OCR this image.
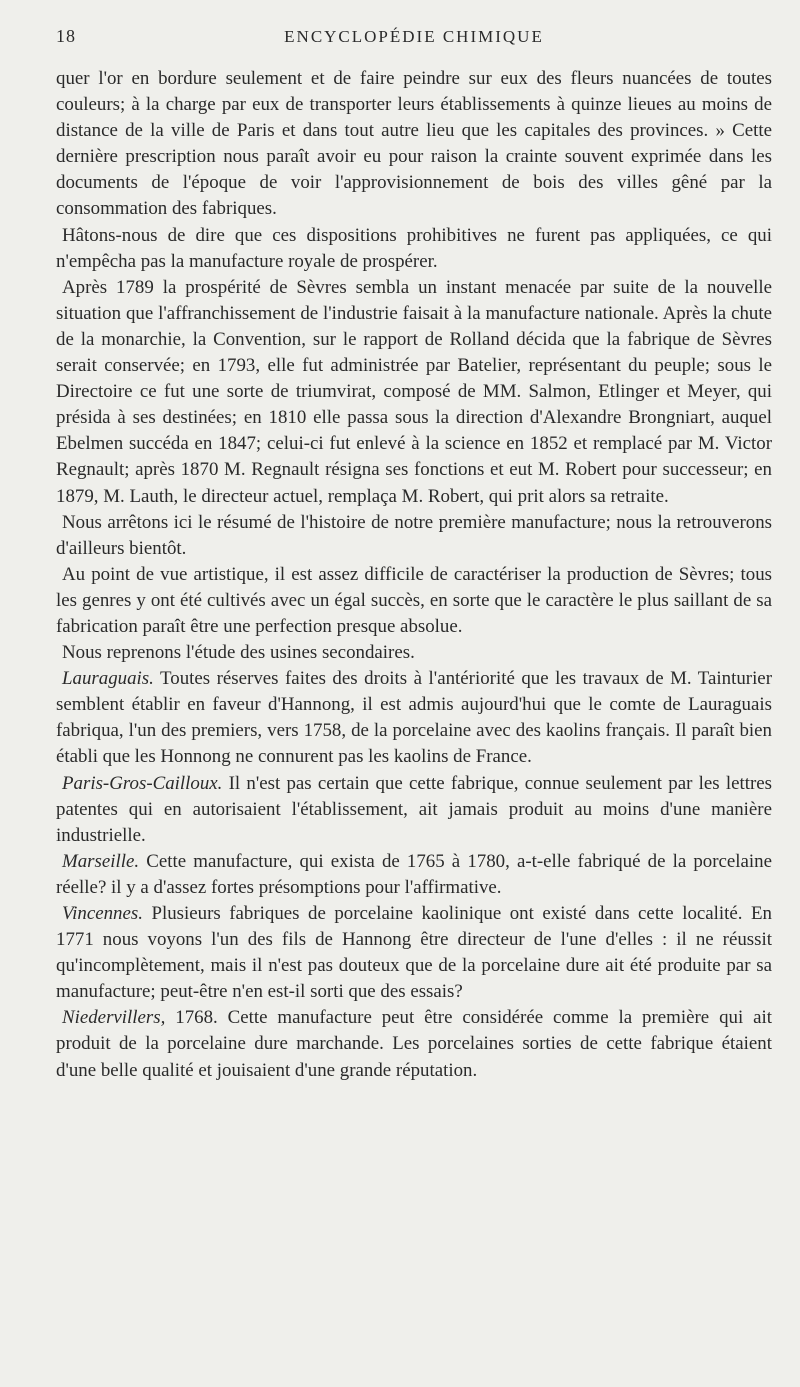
18	ENCYCLOPÉDIE CHIMIQUE

quer l'or en bordure seulement et de faire peindre sur eux des fleurs nuancées de toutes couleurs; à la charge par eux de transporter leurs établissements à quinze lieues au moins de distance de la ville de Paris et dans tout autre lieu que les capitales des provinces. » Cette dernière prescription nous paraît avoir eu pour raison la crainte souvent exprimée dans les documents de l'époque de voir l'approvisionnement de bois des villes gêné par la consommation des fabriques.

Hâtons-nous de dire que ces dispositions prohibitives ne furent pas appliquées, ce qui n'empêcha pas la manufacture royale de prospérer.

Après 1789 la prospérité de Sèvres sembla un instant menacée par suite de la nouvelle situation que l'affranchissement de l'industrie faisait à la manufacture nationale. Après la chute de la monarchie, la Convention, sur le rapport de Rolland décida que la fabrique de Sèvres serait conservée; en 1793, elle fut administrée par Batelier, représentant du peuple; sous le Directoire ce fut une sorte de triumvirat, composé de MM. Salmon, Etlinger et Meyer, qui présida à ses destinées; en 1810 elle passa sous la direction d'Alexandre Brongniart, auquel Ebelmen succéda en 1847; celui-ci fut enlevé à la science en 1852 et remplacé par M. Victor Regnault; après 1870 M. Regnault résigna ses fonctions et eut M. Robert pour successeur; en 1879, M. Lauth, le directeur actuel, remplaça M. Robert, qui prit alors sa retraite.

Nous arrêtons ici le résumé de l'histoire de notre première manufacture; nous la retrouverons d'ailleurs bientôt.

Au point de vue artistique, il est assez difficile de caractériser la production de Sèvres; tous les genres y ont été cultivés avec un égal succès, en sorte que le caractère le plus saillant de sa fabrication paraît être une perfection presque absolue.

Nous reprenons l'étude des usines secondaires.

Lauraguais. Toutes réserves faites des droits à l'antériorité que les travaux de M. Tainturier semblent établir en faveur d'Hannong, il est admis aujourd'hui que le comte de Lauraguais fabriqua, l'un des premiers, vers 1758, de la porcelaine avec des kaolins français. Il paraît bien établi que les Honnong ne connurent pas les kaolins de France.

Paris-Gros-Cailloux. Il n'est pas certain que cette fabrique, connue seulement par les lettres patentes qui en autorisaient l'établissement, ait jamais produit au moins d'une manière industrielle.

Marseille. Cette manufacture, qui exista de 1765 à 1780, a-t-elle fabriqué de la porcelaine réelle? il y a d'assez fortes présomptions pour l'affirmative.

Vincennes. Plusieurs fabriques de porcelaine kaolinique ont existé dans cette localité. En 1771 nous voyons l'un des fils de Hannong être directeur de l'une d'elles : il ne réussit qu'incomplètement, mais il n'est pas douteux que de la porcelaine dure ait été produite par sa manufacture; peut-être n'en est-il sorti que des essais?

Niedervillers, 1768. Cette manufacture peut être considérée comme la première qui ait produit de la porcelaine dure marchande. Les porcelaines sorties de cette fabrique étaient d'une belle qualité et jouisaient d'une grande réputation.
